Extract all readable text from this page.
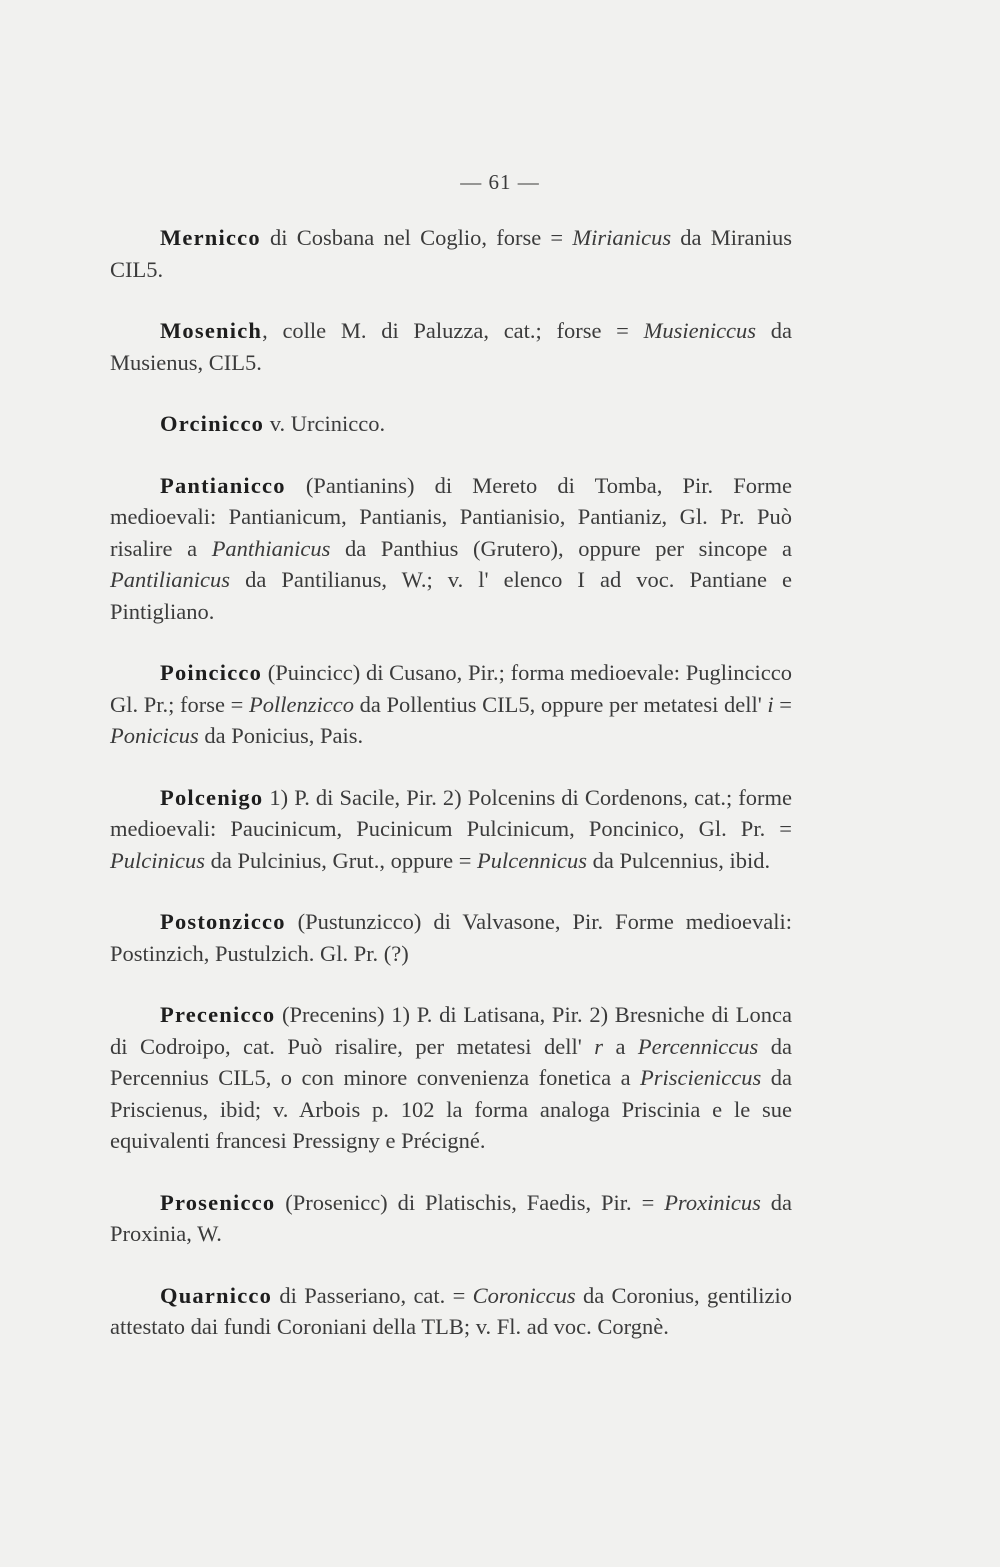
— 61 —

Mernicco di Cosbana nel Coglio, forse = Mirianicus da Miranius CIL5.

Mosenich, colle M. di Paluzza, cat.; forse = Musieniccus da Musienus, CIL5.

Orcinicco v. Urcinicco.

Pantianicco (Pantianins) di Mereto di Tomba, Pir. Forme medioevali: Pantianicum, Pantianis, Pantianisio, Pantianiz, Gl. Pr. Può risalire a Panthianicus da Panthius (Grutero), oppure per sincope a Pantilianicus da Pantilianus, W.; v. l' elenco I ad voc. Pantiane e Pintigliano.

Poincicco (Puincicc) di Cusano, Pir.; forma medioevale: Puglincicco Gl. Pr.; forse = Pollenzicco da Pollentius CIL5, oppure per metatesi dell' i = Ponicicus da Ponicius, Pais.

Polcenigo 1) P. di Sacile, Pir. 2) Polcenins di Cordenons, cat.; forme medioevali: Paucinicum, Pucinicum Pulcinicum, Poncinico, Gl. Pr. = Pulcinicus da Pulcinius, Grut., oppure = Pulcennicus da Pulcennius, ibid.

Postonzicco (Pustunzicco) di Valvasone, Pir. Forme medioevali: Postinzich, Pustulzich. Gl. Pr. (?)

Precenicco (Precenins) 1) P. di Latisana, Pir. 2) Bresniche di Lonca di Codroipo, cat. Può risalire, per metatesi dell' r a Percenniccus da Percennius CIL5, o con minore convenienza fonetica a Priscieniccus da Priscienus, ibid; v. Arbois p. 102 la forma analoga Priscinia e le sue equivalenti francesi Pressigny e Précigné.

Prosenicco (Prosenicc) di Platischis, Faedis, Pir. = Proxinicus da Proxinia, W.

Quarnicco di Passeriano, cat. = Coroniccus da Coronius, gentilizio attestato dai fundi Coroniani della TLB; v. Fl. ad voc. Corgnè.
